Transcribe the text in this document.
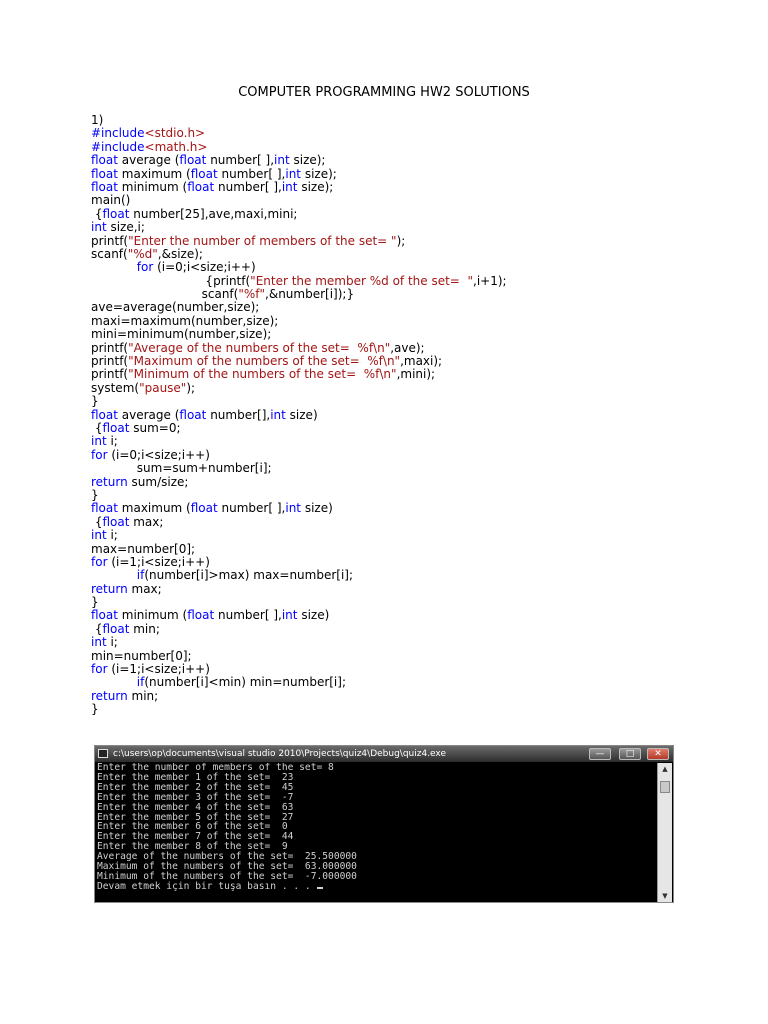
COMPUTER PROGRAMMING HW2 SOLUTIONS
1)
#include<stdio.h>
#include<math.h>
float average (float number[ ],int size);
float maximum (float number[ ],int size);
float minimum (float number[ ],int size);
main()
{float number[25],ave,maxi,mini;
int size,i;
printf("Enter the number of members of the set= ");
scanf("%d",&size);
for (i=0;i<size;i++)
{printf("Enter the member %d of the set=  ",i+1);
scanf("%f",&number[i]);}
ave=average(number,size);
maxi=maximum(number,size);
mini=minimum(number,size);
printf("Average of the numbers of the set=  %f\n",ave);
printf("Maximum of the numbers of the set=  %f\n",maxi);
printf("Minimum of the numbers of the set=  %f\n",mini);
system("pause");
}
float average (float number[],int size)
{float sum=0;
int i;
for (i=0;i<size;i++)
sum=sum+number[i];
return sum/size;
}
float maximum (float number[ ],int size)
{float max;
int i;
max=number[0];
for (i=1;i<size;i++)
if(number[i]>max) max=number[i];
return max;
}
float minimum (float number[ ],int size)
{float min;
int i;
min=number[0];
for (i=1;i<size;i++)
if(number[i]<min) min=number[i];
return min;
}
c:\users\op\documents\visual studio 2010\Projects\quiz4\Debug\quiz4.exe	—	□	✕
Enter the number of members of the set= 8
Enter the member 1 of the set=  23
Enter the member 2 of the set=  45
Enter the member 3 of the set=  -7
Enter the member 4 of the set=  63
Enter the member 5 of the set=  27
Enter the member 6 of the set=  0
Enter the member 7 of the set=  44
Enter the member 8 of the set=  9
Average of the numbers of the set=  25.500000
Maximum of the numbers of the set=  63.000000
Minimum of the numbers of the set=  -7.000000
Devam etmek için bir tuşa basın . . .
▲
▼
